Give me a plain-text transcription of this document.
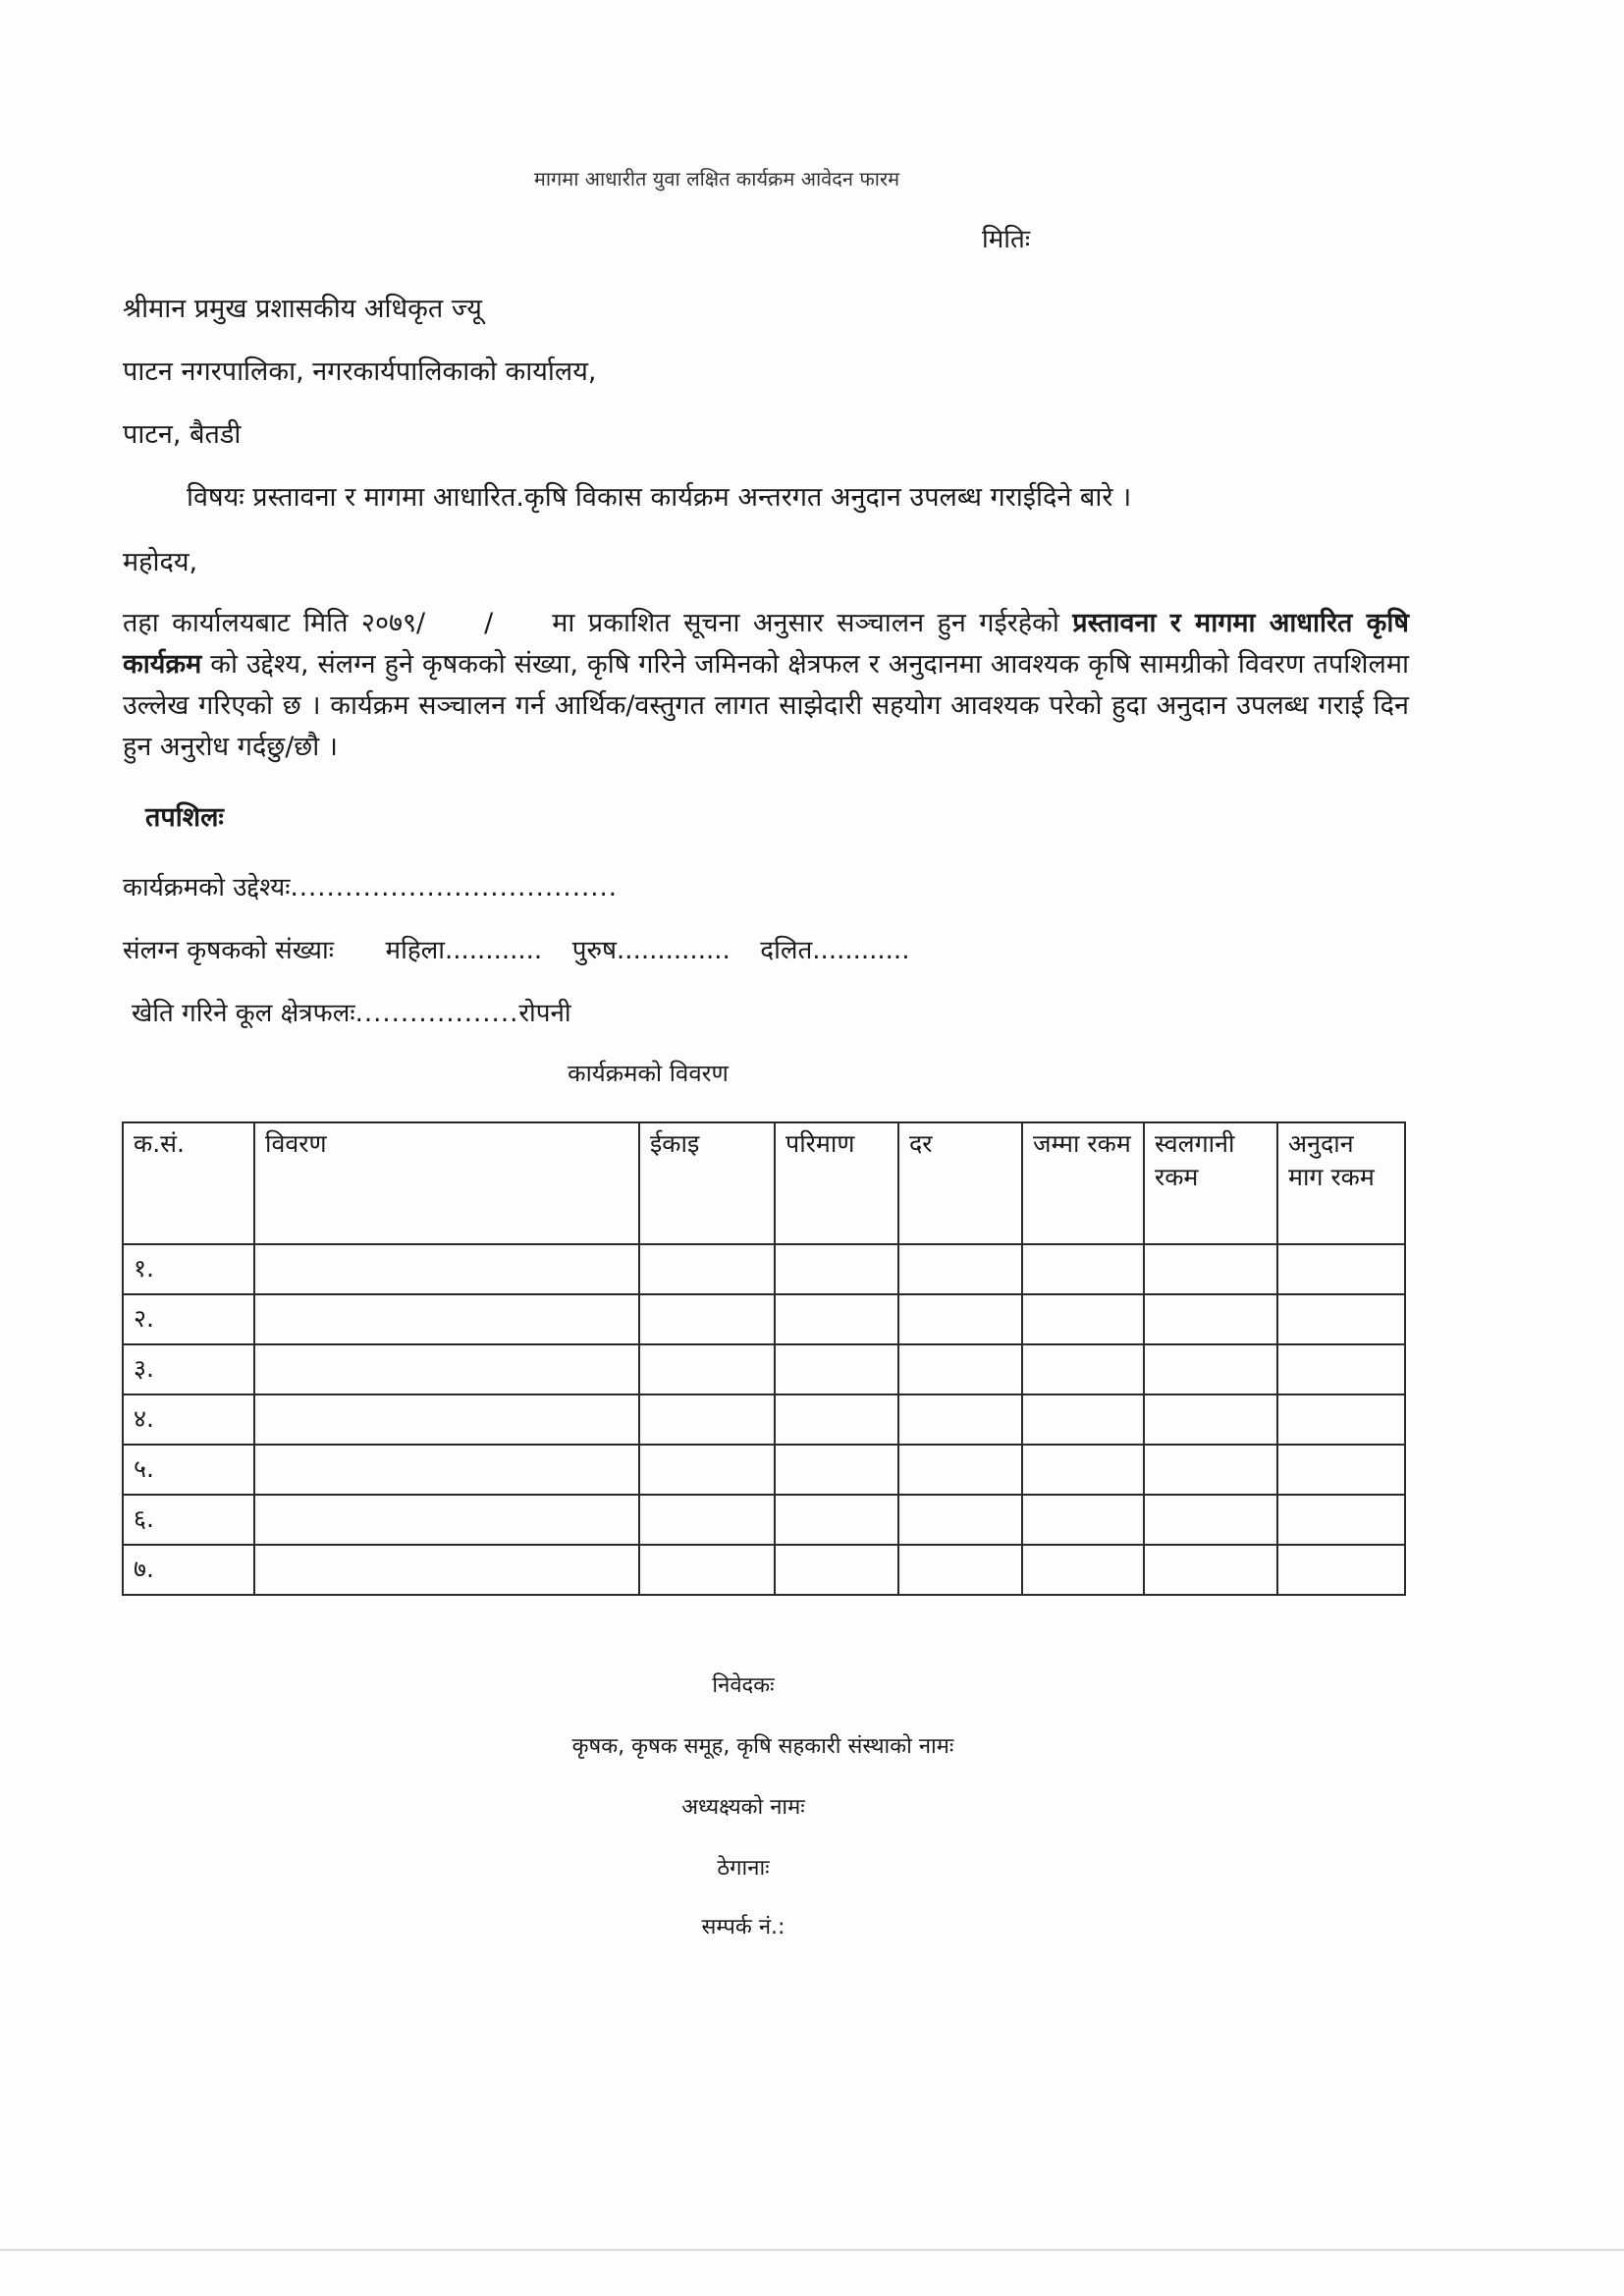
मागमा आधारीत युवा लक्षित कार्यक्रम आवेदन फारम
मितिः
श्रीमान प्रमुख प्रशासकीय अधिकृत ज्यू
पाटन नगरपालिका, नगरकार्यपालिकाको कार्यालय,
पाटन, बैतडी
विषयः प्रस्तावना र मागमा आधारित.कृषि विकास कार्यक्रम अन्तरगत अनुदान उपलब्ध गराईदिने बारे ।
महोदय,

तहा कार्यालयबाट मिति २०७९/ / मा प्रकाशित सूचना अनुसार सञ्चालन हुन गईरहेको प्रस्तावना र मागमा आधारित कृषि कार्यक्रम को उद्देश्य, संलग्न हुने कृषकको संख्या, कृषि गरिने जमिनको क्षेत्रफल र अनुदानमा आवश्यक कृषि सामग्रीको विवरण तपशिलमा उल्लेख गरिएको छ । कार्यक्रम सञ्चालन गर्न आर्थिक/वस्तुगत लागत साझेदारी सहयोग आवश्यक परेको हुदा अनुदान उपलब्ध गराई दिन हुन अनुरोध गर्दछु/छौ ।

तपशिलः
कार्यक्रमको उद्देश्यः....................................
संलग्न कृषकको संख्याः महिला............ पुरुष.............. दलित............
खेति गरिने कूल क्षेत्रफलः..................रोपनी
कार्यक्रमको विवरण
क.सं.	विवरण	ईकाइ	परिमाण	दर	जम्मा रकम	स्वलगानी रकम	अनुदान माग रकम
१.							
२.							
३.							
४.							
५.							
६.							
७.							
निवेदकः
कृषक, कृषक समूह, कृषि सहकारी संस्थाको नामः
अध्यक्ष्यको नामः
ठेगानाः
सम्पर्क नं.:
